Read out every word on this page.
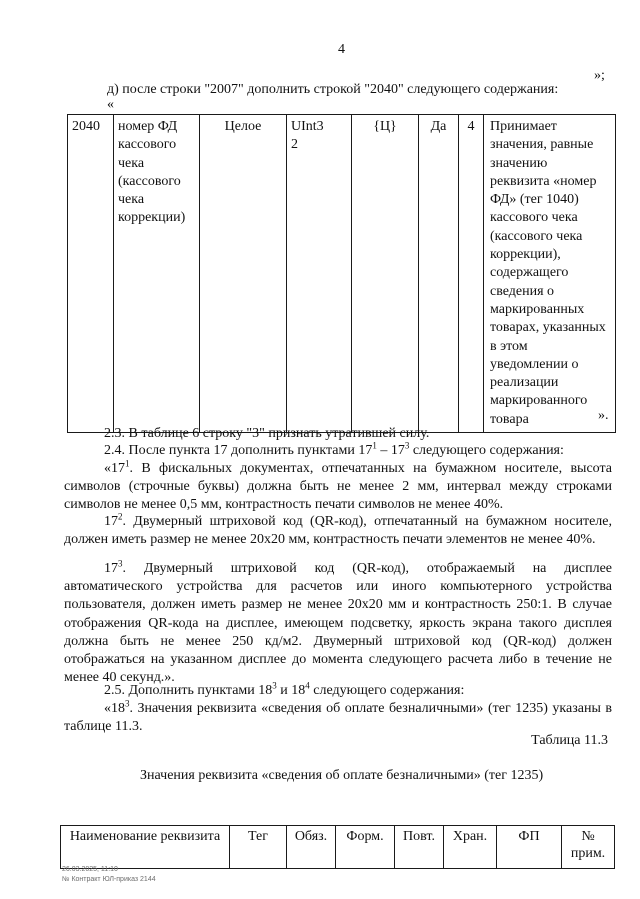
4
»;
д) после строки "2007" дополнить строкой "2040" следующего содержания:
«
2040	номер ФД
кассового
чека
(кассового
чека
коррекции)
	Целое	UInt3
2
	{Ц}	Да	4	Принимает
значения, равные
значению
реквизита «номер
ФД» (тег 1040)
кассового чека
(кассового чека
коррекции),
содержащего
сведения о
маркированных
товарах, указанных
в этом
уведомлении о
реализации
маркированного
товара	».
2.3. В таблице 6 строку "3" признать утратившей силу.
2.4. После пункта 17 дополнить пунктами $17^1 - 17^3$ следующего содержания:
«$17^1$. В фискальных документах, отпечатанных на бумажном носителе, высота символов (строчные буквы) должна быть не менее 2 мм, интервал между строками символов не менее 0,5 мм, контрастность печати символов не менее 40%.
$17^2$. Двумерный штриховой код (QR-код), отпечатанный на бумажном носителе, должен иметь размер не менее 20х20 мм, контрастность печати элементов не менее 40%.
$17^3$. Двумерный штриховой код (QR-код), отображаемый на дисплее автоматического устройства для расчетов или иного компьютерного устройства пользователя, должен иметь размер не менее 20х20 мм и контрастность 250:1. В случае отображения QR-кода на дисплее, имеющем подсветку, яркость экрана такого дисплея должна быть не менее 250 кд/м2. Двумерный штриховой код (QR-код) должен отображаться на указанном дисплее до момента следующего расчета либо в течение не менее 40 секунд.».
2.5. Дополнить пунктами $18^3$ и $18^4$ следующего содержания:
«$18^3$. Значения реквизита «сведения об оплате безналичными» (тег 1235) указаны в таблице 11.3.
Таблица 11.3
Значения реквизита «сведения об оплате безналичными» (тег 1235)
Наименование реквизита	Тег	Обяз.	Форм.	Повт.	Хран.	ФП	№ прим.
26.03.2025, 11:10
№ Контракт ЮЛ-приказ 2144
